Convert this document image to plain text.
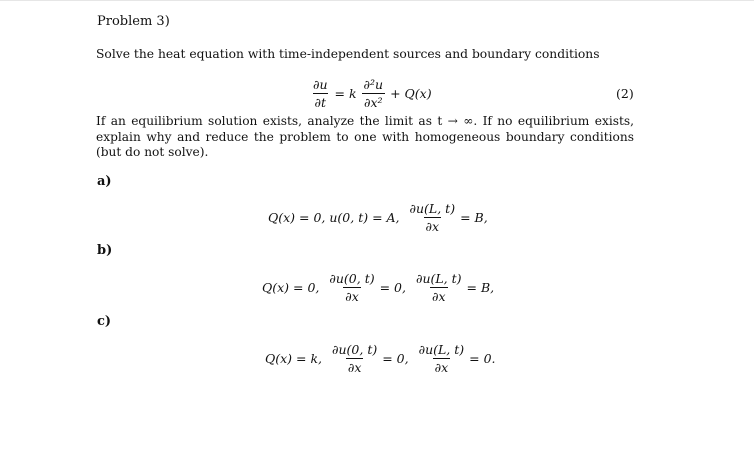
Problem 3)
Solve the heat equation with time-independent sources and boundary conditions
$\frac{\partial u}{\partial t} = k \frac{\text{∂²u}}{\text{∂x²}} + Q(x)$	(2)
If an equilibrium solution exists, analyze the limit as t → ∞. If no equilibrium exists, explain why and reduce the problem to one with homogeneous boundary conditions (but do not solve).
a)
Q(x) = 0, u(0, t) = A, $\frac{\partial u(L, t)}{\partial x} = B$,
b)
Q(x) = 0, $\frac{\partial u(0, t)}{\partial x} = 0$, $\frac{\partial u(L, t)}{\partial x} = B$,
c)
Q(x) = k, $\frac{\partial u(0, t)}{\partial x} = 0$, $\frac{\partial u(L, t)}{\partial x} = 0$.
